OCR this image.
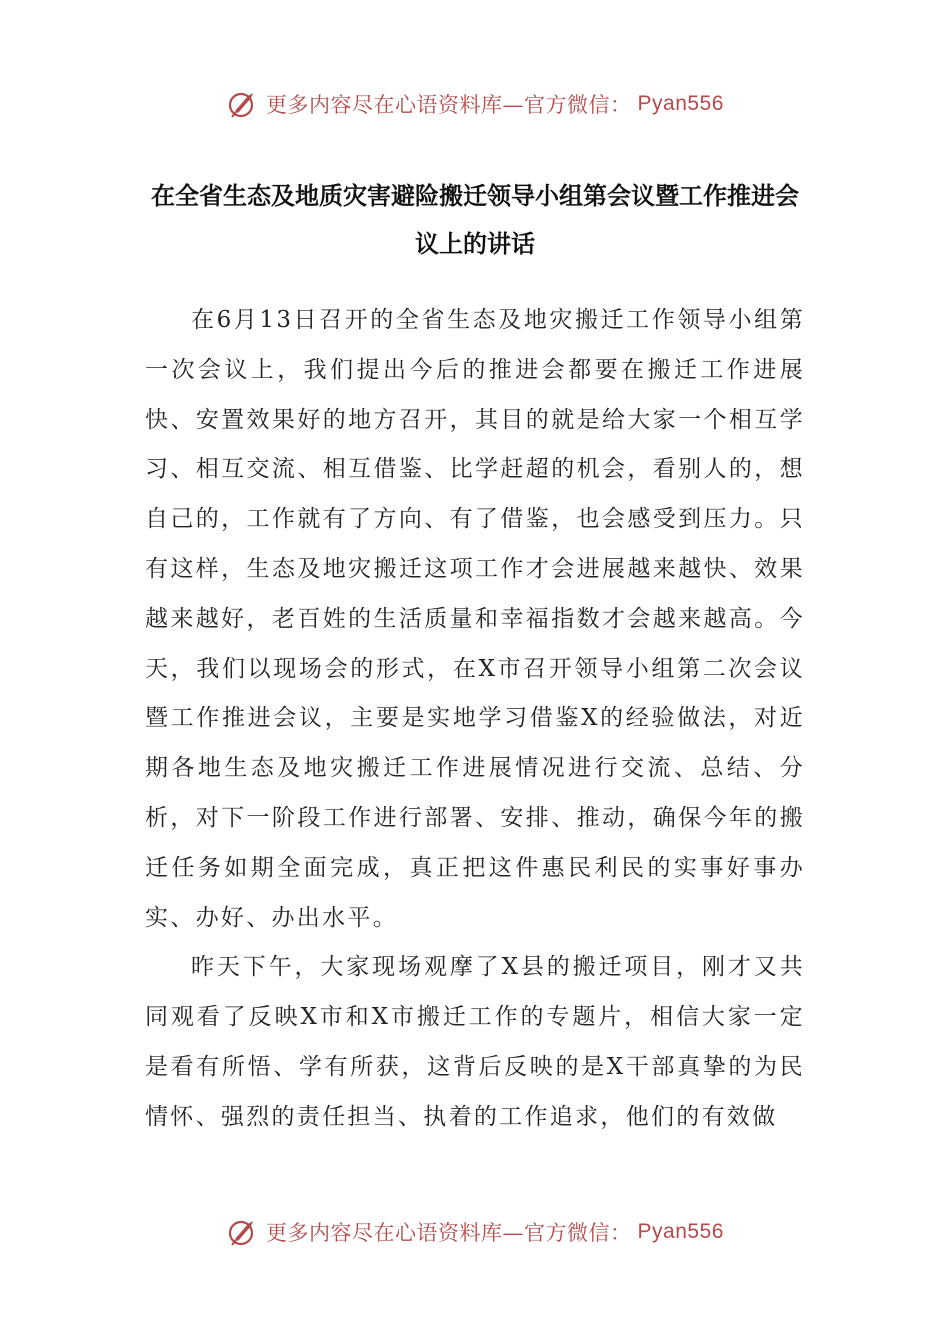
更多内容尽在心语资料库—官方微信： Pyan556
在全省生态及地质灾害避险搬迁领导小组第会议暨工作推进会议上的讲话

在6月13日召开的全省生态及地灾搬迁工作领导小组第一次会议上，我们提出今后的推进会都要在搬迁工作进展快、安置效果好的地方召开，其目的就是给大家一个相互学习、相互交流、相互借鉴、比学赶超的机会，看别人的，想自己的，工作就有了方向、有了借鉴，也会感受到压力。只有这样，生态及地灾搬迁这项工作才会进展越来越快、效果越来越好，老百姓的生活质量和幸福指数才会越来越高。今天，我们以现场会的形式，在X市召开领导小组第二次会议暨工作推进会议，主要是实地学习借鉴X的经验做法，对近期各地生态及地灾搬迁工作进展情况进行交流、总结、分析，对下一阶段工作进行部署、安排、推动，确保今年的搬迁任务如期全面完成，真正把这件惠民利民的实事好事办实、办好、办出水平。

昨天下午，大家现场观摩了X县的搬迁项目，刚才又共同观看了反映X市和X市搬迁工作的专题片，相信大家一定是看有所悟、学有所获，这背后反映的是X干部真挚的为民情怀、强烈的责任担当、执着的工作追求，他们的有效做

更多内容尽在心语资料库—官方微信： Pyan556
